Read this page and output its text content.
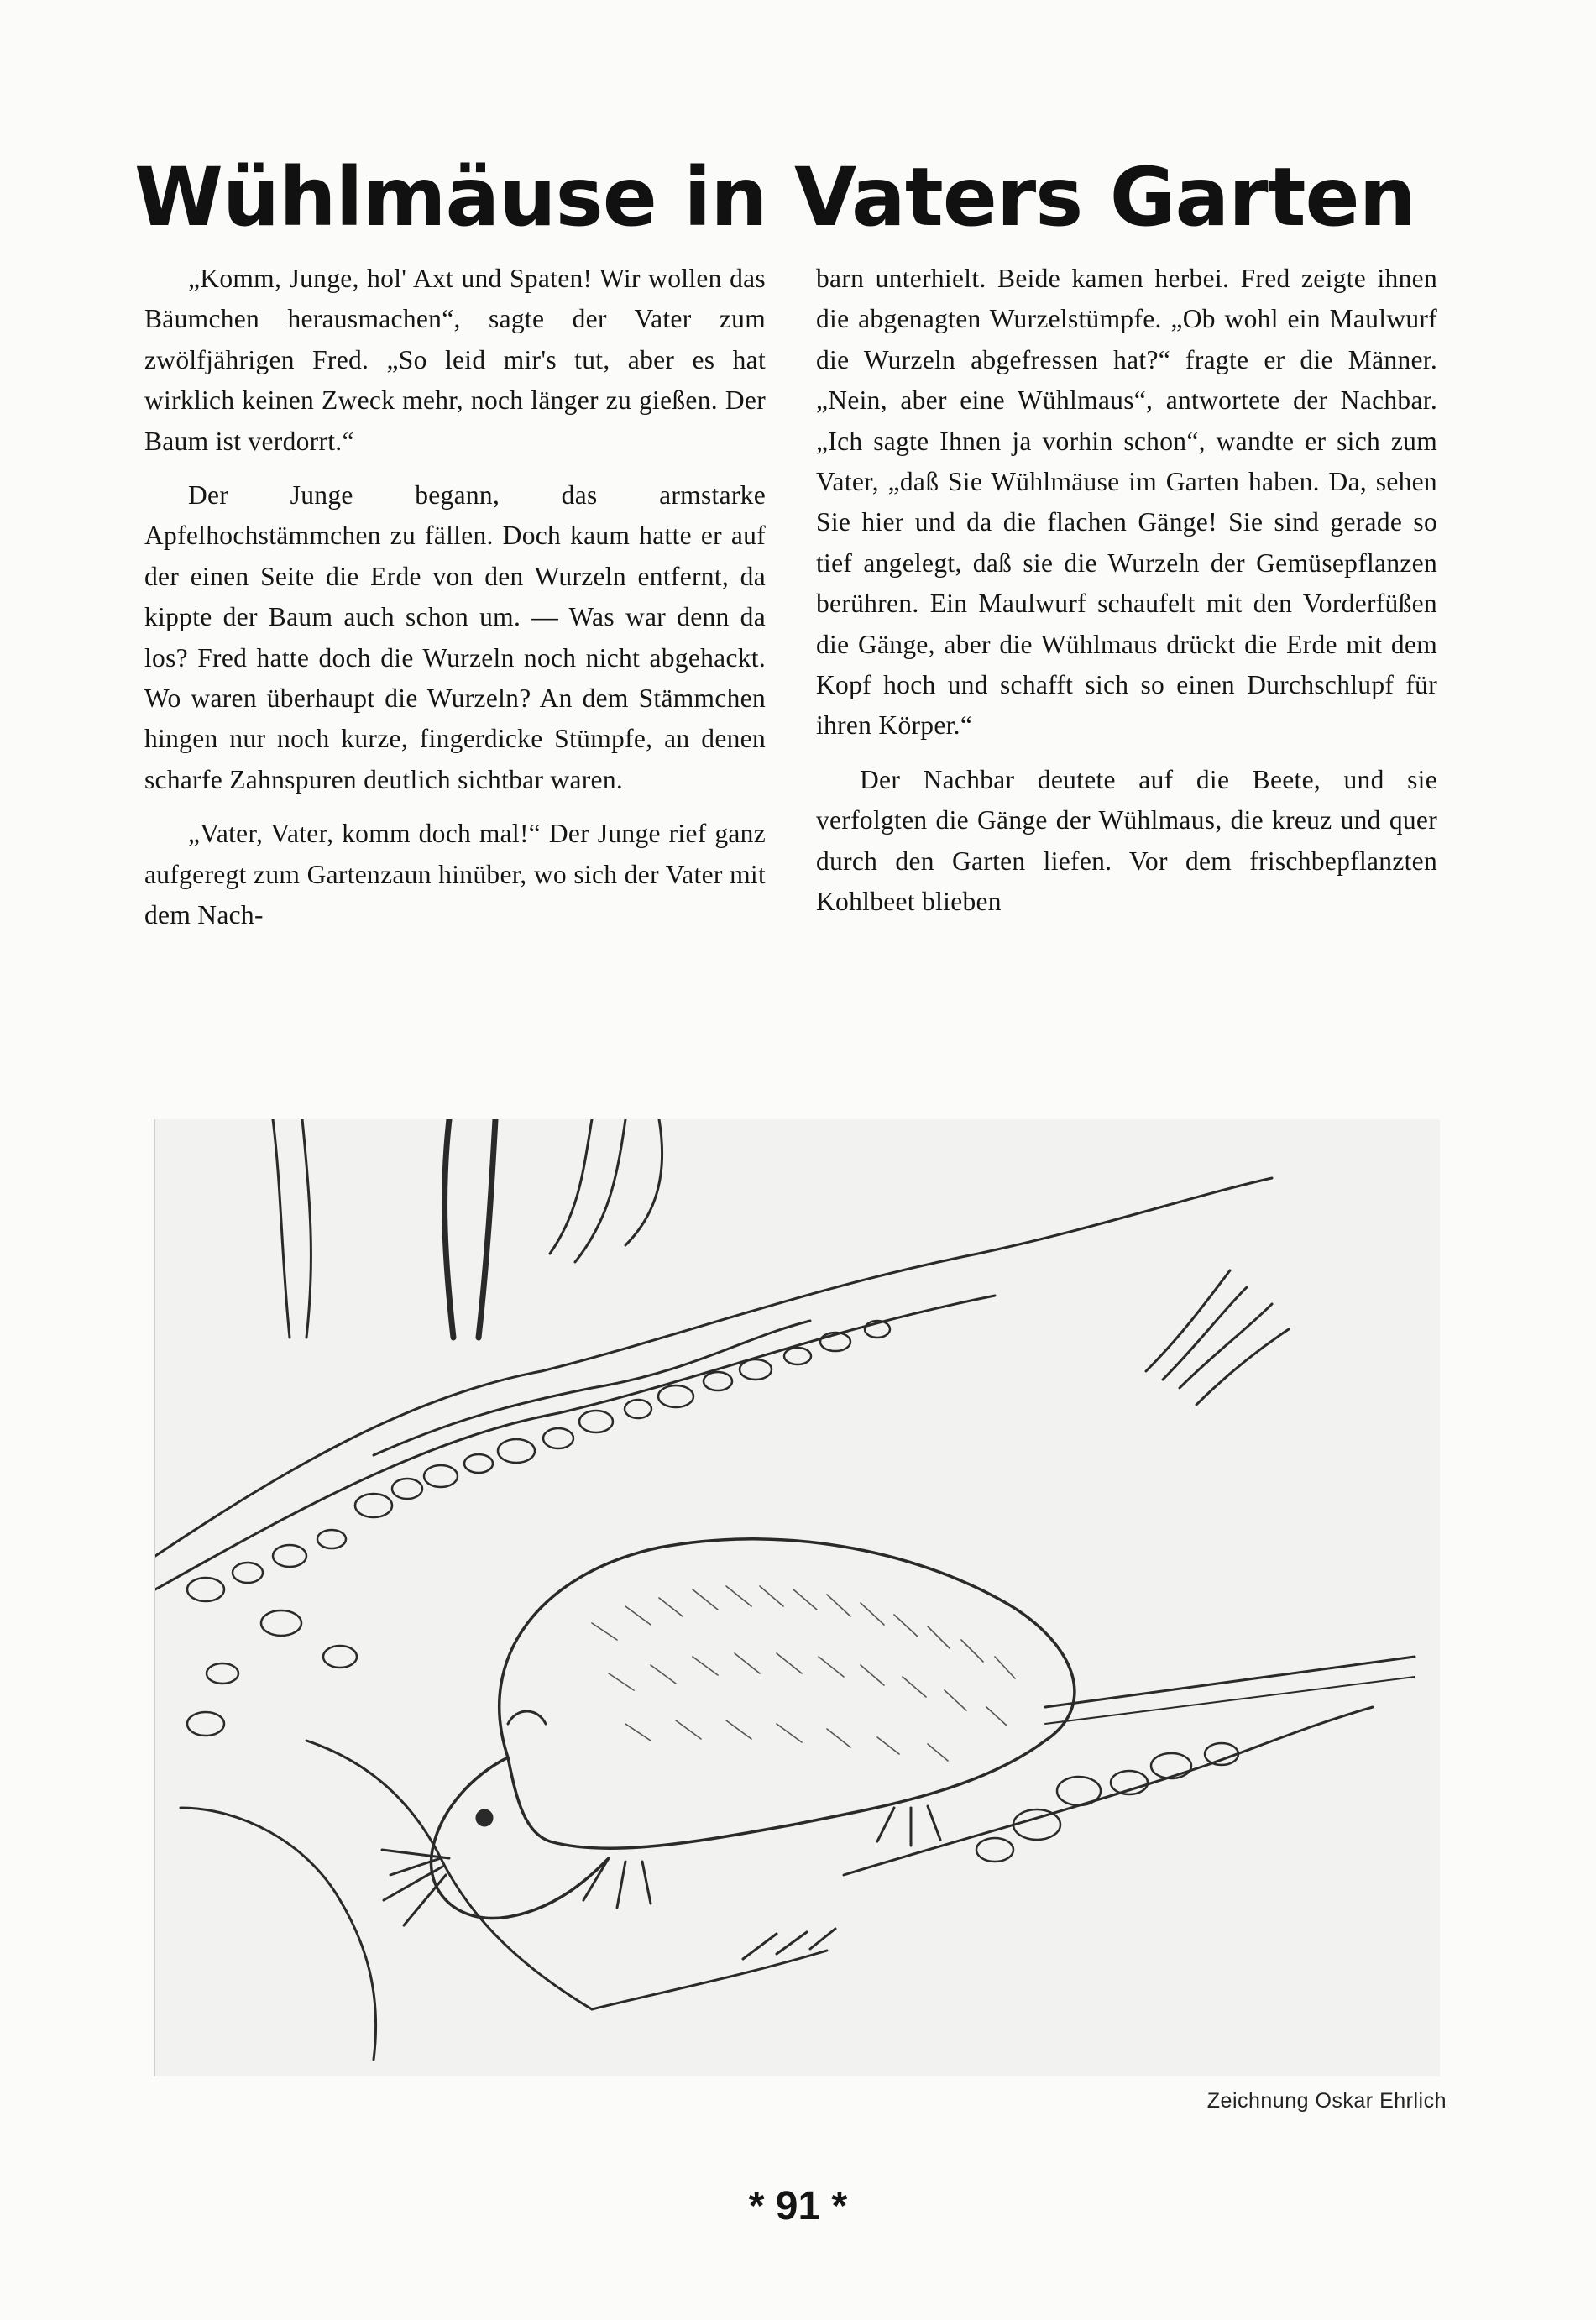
Wühlmäuse in Vaters Garten

„Komm, Junge, hol' Axt und Spaten! Wir wollen das Bäumchen herausmachen“, sagte der Vater zum zwölfjährigen Fred. „So leid mir's tut, aber es hat wirklich keinen Zweck mehr, noch länger zu gießen. Der Baum ist verdorrt.“

Der Junge begann, das armstarke Apfelhochstämmchen zu fällen. Doch kaum hatte er auf der einen Seite die Erde von den Wurzeln entfernt, da kippte der Baum auch schon um. — Was war denn da los? Fred hatte doch die Wurzeln noch nicht abgehackt. Wo waren überhaupt die Wurzeln? An dem Stämmchen hingen nur noch kurze, fingerdicke Stümpfe, an denen scharfe Zahnspuren deutlich sichtbar waren.

„Vater, Vater, komm doch mal!“ Der Junge rief ganz aufgeregt zum Gartenzaun hinüber, wo sich der Vater mit dem Nach-

barn unterhielt. Beide kamen herbei. Fred zeigte ihnen die abgenagten Wurzelstümpfe. „Ob wohl ein Maulwurf die Wurzeln abgefressen hat?“ fragte er die Männer. „Nein, aber eine Wühlmaus“, antwortete der Nachbar. „Ich sagte Ihnen ja vorhin schon“, wandte er sich zum Vater, „daß Sie Wühlmäuse im Garten haben. Da, sehen Sie hier und da die flachen Gänge! Sie sind gerade so tief angelegt, daß sie die Wurzeln der Gemüsepflanzen berühren. Ein Maulwurf schaufelt mit den Vorderfüßen die Gänge, aber die Wühlmaus drückt die Erde mit dem Kopf hoch und schafft sich so einen Durchschlupf für ihren Körper.“

Der Nachbar deutete auf die Beete, und sie verfolgten die Gänge der Wühlmaus, die kreuz und quer durch den Garten liefen. Vor dem frischbepflanzten Kohlbeet blieben

Zeichnung Oskar Ehrlich
* 91 *
